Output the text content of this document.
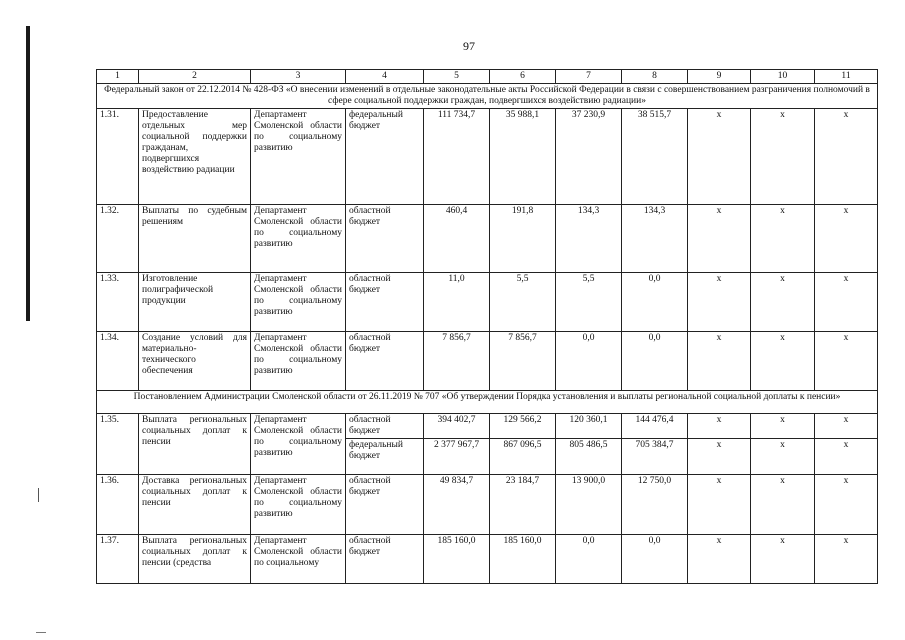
97
1	2	3	4	5	6	7	8	9	10	11
Федеральный закон от 22.12.2014 № 428-ФЗ «О внесении изменений в отдельные законодательные акты Российской Федерации в связи с совершенствованием разграничения полномочий в сфере социальной поддержки граждан, подвергшихся воздействию радиации»										
1.31.	Предоставление отдельных мер социальной поддержки гражданам, подвергшихся воздействию радиации	Департамент Смоленской области по социальному развитию	федеральный бюджет	111 734,7	35 988,1	37 230,9	38 515,7	x	x	x
1.32.	Выплаты по судебным решениям	Департамент Смоленской области по социальному развитию	областной бюджет	460,4	191,8	134,3	134,3	x	x	x
1.33.	Изготовление полиграфической продукции	Департамент Смоленской области по социальному развитию	областной бюджет	11,0	5,5	5,5	0,0	x	x	x
1.34.	Создание условий для материально-технического обеспечения	Департамент Смоленской области по социальному развитию	областной бюджет	7 856,7	7 856,7	0,0	0,0	x	x	x
Постановлением Администрации Смоленской области от 26.11.2019 № 707 «Об утверждении Порядка установления и выплаты региональной социальной доплаты к пенсии»										
1.35.	Выплата региональных социальных доплат к пенсии	Департамент Смоленской области по социальному развитию	областной бюджет	394 402,7	129 566,2	120 360,1	144 476,4	x	x	x
			федеральный бюджет	2 377 967,7	867 096,5	805 486,5	705 384,7	x	x	x
1.36.	Доставка региональных социальных доплат к пенсии	Департамент Смоленской области по социальному развитию	областной бюджет	49 834,7	23 184,7	13 900,0	12 750,0	x	x	x
1.37.	Выплата региональных социальных доплат к пенсии (средства	Департамент Смоленской области по социальному	областной бюджет	185 160,0	185 160,0	0,0	0,0	x	x	x
